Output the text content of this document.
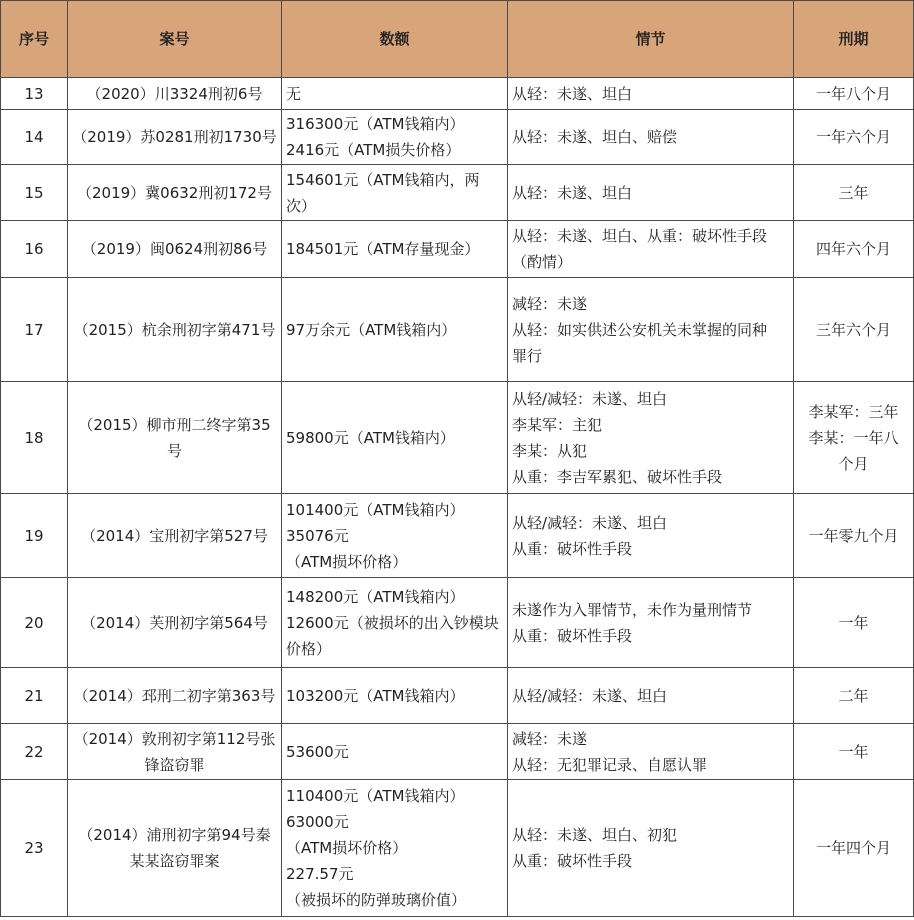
序号	案号	数额	情节	刑期
13	（2020）川3324刑初6号	无	从轻：未遂、坦白	一年八个月

14	（2019）苏0281刑初1730号	316300元（ATM钱箱内）
2416元（ATM损失价格）	从轻：未遂、坦白、赔偿	一年六个月

15	（2019）冀0632刑初172号	154601元（ATM钱箱内，两
次）	从轻：未遂、坦白	三年

16	（2019）闽0624刑初86号	184501元（ATM存量现金）	从轻：未遂、坦白、从重：破坏性手段
（酌情）	四年六个月

17	（2015）杭余刑初字第471号	97万余元（ATM钱箱内）	减轻：未遂
从轻：如实供述公安机关未掌握的同种
罪行	三年六个月

18	（2015）柳市刑二终字第35
号	59800元（ATM钱箱内）	从轻/减轻：未遂、坦白
李某军：主犯
李某：从犯
从重：李吉军累犯、破坏性手段	李某军：三年
李某：一年八
个月

19	（2014）宝刑初字第527号	101400元（ATM钱箱内）
35076元
（ATM损坏价格）	从轻/减轻：未遂、坦白
从重：破坏性手段	一年零九个月

20	（2014）芙刑初字第564号	148200元（ATM钱箱内）
12600元（被损坏的出入钞模块
价格）	未遂作为入罪情节，未作为量刑情节
从重：破坏性手段	一年

21	（2014）邳刑二初字第363号	103200元（ATM钱箱内）	从轻/减轻：未遂、坦白	二年

22	（2014）敦刑初字第112号张
锋盗窃罪	53600元	减轻：未遂
从轻：无犯罪记录、自愿认罪	一年

23	（2014）浦刑初字第94号秦
某某盗窃罪案	110400元（ATM钱箱内）
63000元
（ATM损坏价格）
227.57元
（被损坏的防弹玻璃价值）	从轻：未遂、坦白、初犯
从重：破坏性手段	一年四个月
